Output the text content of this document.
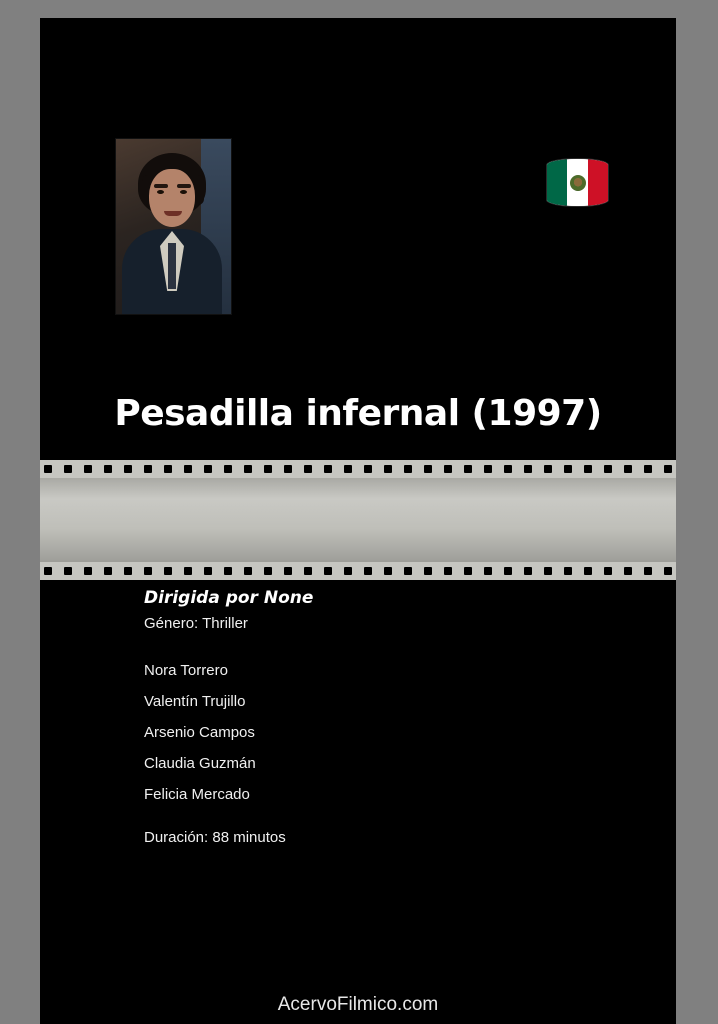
Pesadilla infernal (1997)

Dirigida por None

Género: Thriller

Nora Torrero
Valentín Trujillo
Arsenio Campos
Claudia Guzmán
Felicia Mercado

Duración: 88 minutos

AcervoFilmico.com
